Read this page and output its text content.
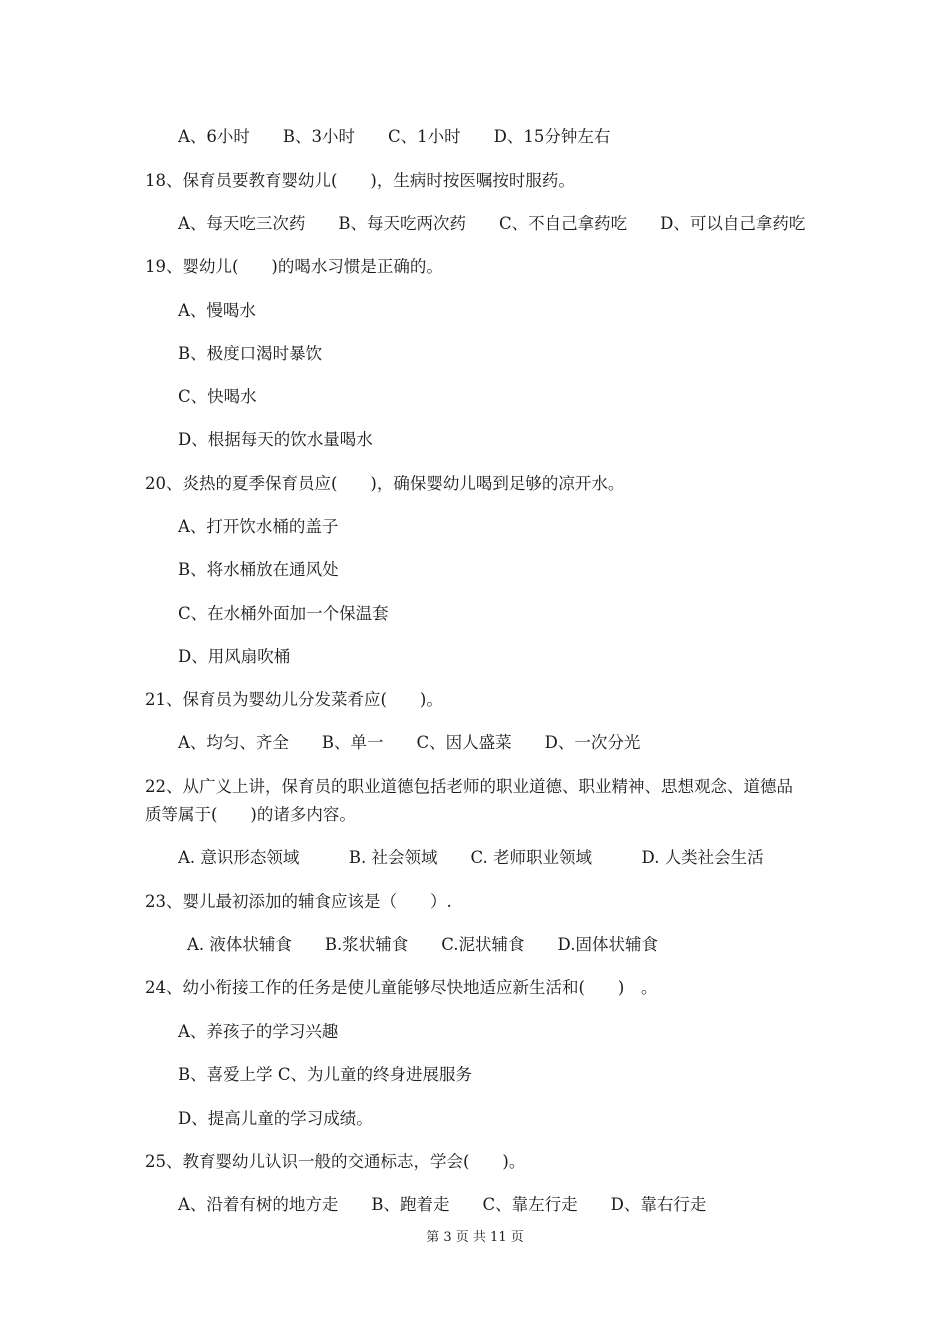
A、6小时　　B、3小时　　C、1小时　　D、15分钟左右
18、保育员要教育婴幼儿(　　)，生病时按医嘱按时服药。
A、每天吃三次药　　B、每天吃两次药　　C、不自己拿药吃　　D、可以自己拿药吃
19、婴幼儿(　　)的喝水习惯是正确的。
A、慢喝水
B、极度口渴时暴饮
C、快喝水
D、根据每天的饮水量喝水
20、炎热的夏季保育员应(　　)，确保婴幼儿喝到足够的凉开水。
A、打开饮水桶的盖子
B、将水桶放在通风处
C、在水桶外面加一个保温套
D、用风扇吹桶
21、保育员为婴幼儿分发菜肴应(　　)。
A、均匀、齐全　　B、单一　　C、因人盛菜　　D、一次分光
22、从广义上讲，保育员的职业道德包括老师的职业道德、职业精神、思想观念、道德品
质等属于(　　)的诸多内容。
A. 意识形态领域　　　B. 社会领域　　C. 老师职业领域　　　D. 人类社会生活
23、婴儿最初添加的辅食应该是（　　）.
A. 液体状辅食　　B.浆状辅食　　C.泥状辅食　　D.固体状辅食
24、幼小衔接工作的任务是使儿童能够尽快地适应新生活和(　　)　。
A、养孩子的学习兴趣
B、喜爱上学 C、为儿童的终身进展服务
D、提高儿童的学习成绩。
25、教育婴幼儿认识一般的交通标志，学会(　　)。
A、沿着有树的地方走　　B、跑着走　　C、靠左行走　　D、靠右行走
第 3 页 共 11 页
